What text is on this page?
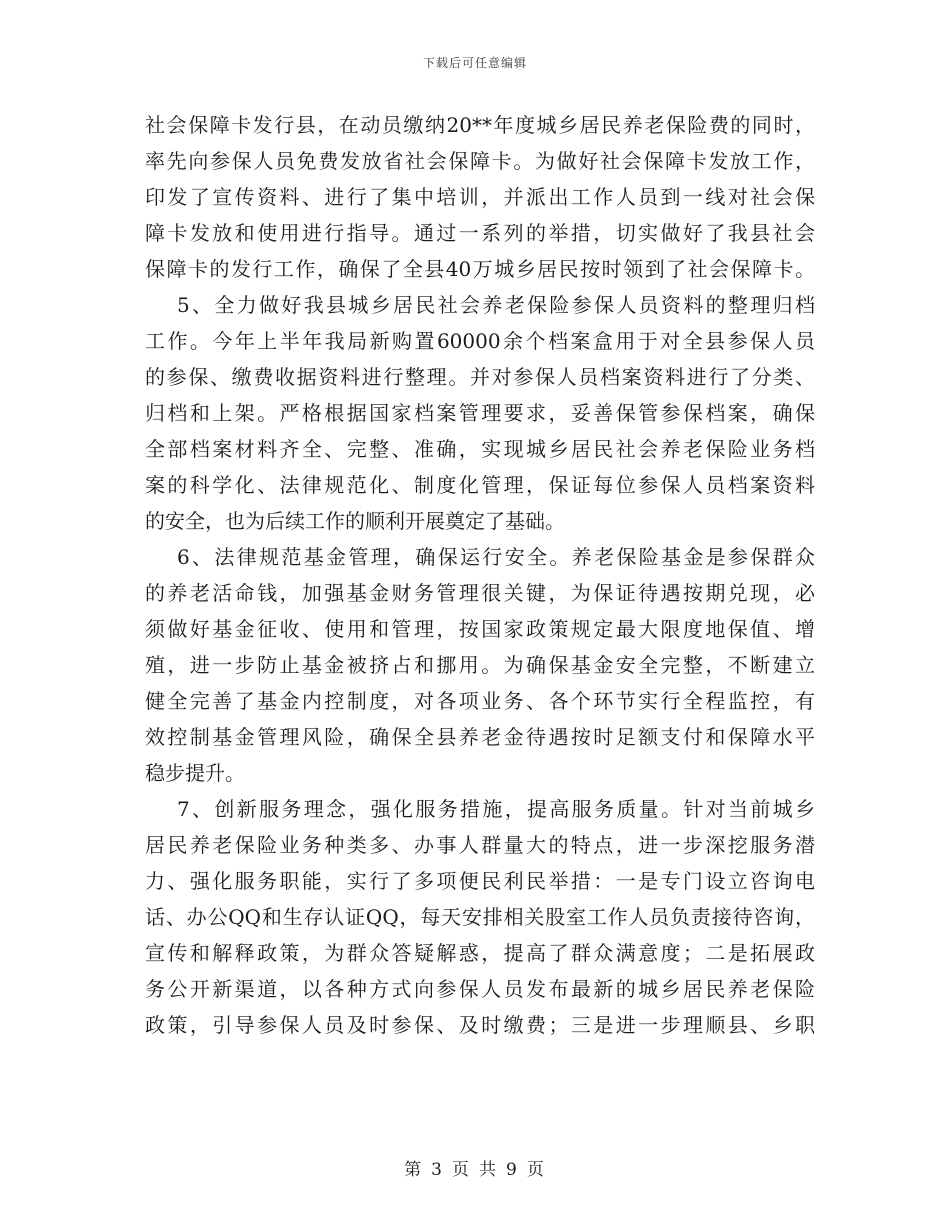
下载后可任意编辑
社会保障卡发行县，在动员缴纳20**年度城乡居民养老保险费的同时，
率先向参保人员免费发放省社会保障卡。为做好社会保障卡发放工作，
印发了宣传资料、进行了集中培训，并派出工作人员到一线对社会保
障卡发放和使用进行指导。通过一系列的举措，切实做好了我县社会
保障卡的发行工作，确保了全县40万城乡居民按时领到了社会保障卡。
5、全力做好我县城乡居民社会养老保险参保人员资料的整理归档
工作。今年上半年我局新购置60000余个档案盒用于对全县参保人员
的参保、缴费收据资料进行整理。并对参保人员档案资料进行了分类、
归档和上架。严格根据国家档案管理要求，妥善保管参保档案，确保
全部档案材料齐全、完整、准确，实现城乡居民社会养老保险业务档
案的科学化、法律规范化、制度化管理，保证每位参保人员档案资料
的安全，也为后续工作的顺利开展奠定了基础。
6、法律规范基金管理，确保运行安全。养老保险基金是参保群众
的养老活命钱，加强基金财务管理很关键，为保证待遇按期兑现，必
须做好基金征收、使用和管理，按国家政策规定最大限度地保值、增
殖，进一步防止基金被挤占和挪用。为确保基金安全完整，不断建立
健全完善了基金内控制度，对各项业务、各个环节实行全程监控，有
效控制基金管理风险，确保全县养老金待遇按时足额支付和保障水平
稳步提升。
7、创新服务理念，强化服务措施，提高服务质量。针对当前城乡
居民养老保险业务种类多、办事人群量大的特点，进一步深挖服务潜
力、强化服务职能，实行了多项便民利民举措：一是专门设立咨询电
话、办公QQ和生存认证QQ，每天安排相关股室工作人员负责接待咨询，
宣传和解释政策，为群众答疑解惑，提高了群众满意度；二是拓展政
务公开新渠道，以各种方式向参保人员发布最新的城乡居民养老保险
政策，引导参保人员及时参保、及时缴费；三是进一步理顺县、乡职
第 3 页 共 9 页
